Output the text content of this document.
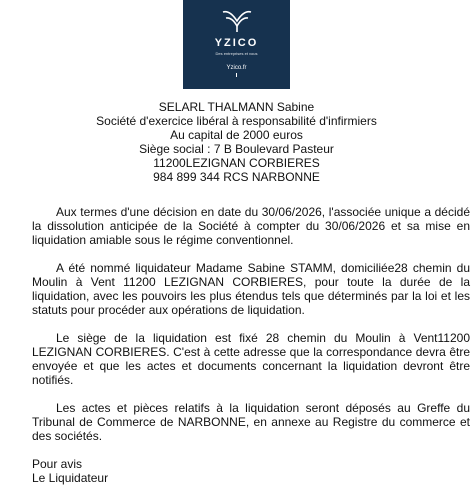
YZICO
Des entreprises et vous
Yzico.fr
SELARL THALMANN Sabine
Société d'exercice libéral à responsabilité d'infirmiers
Au capital de 2000 euros
Siège social : 7 B Boulevard Pasteur
11200LEZIGNAN CORBIERES
984 899 344 RCS NARBONNE

Aux termes d'une décision en date du 30/06/2026, l'associée unique a décidé la dissolution anticipée de la Société à compter du 30/06/2026 et sa mise en liquidation amiable sous le régime conventionnel.

A été nommé liquidateur Madame Sabine STAMM, domiciliée28 chemin du Moulin à Vent 11200 LEZIGNAN CORBIERES, pour toute la durée de la liquidation, avec les pouvoirs les plus étendus tels que déterminés par la loi et les statuts pour procéder aux opérations de liquidation.

Le siège de la liquidation est fixé 28 chemin du Moulin à Vent11200 LEZIGNAN CORBIERES. C'est à cette adresse que la correspondance devra être envoyée et que les actes et documents concernant la liquidation devront être notifiés.

Les actes et pièces relatifs à la liquidation seront déposés au Greffe du Tribunal de Commerce de NARBONNE, en annexe au Registre du commerce et des sociétés.

Pour avis
Le Liquidateur
